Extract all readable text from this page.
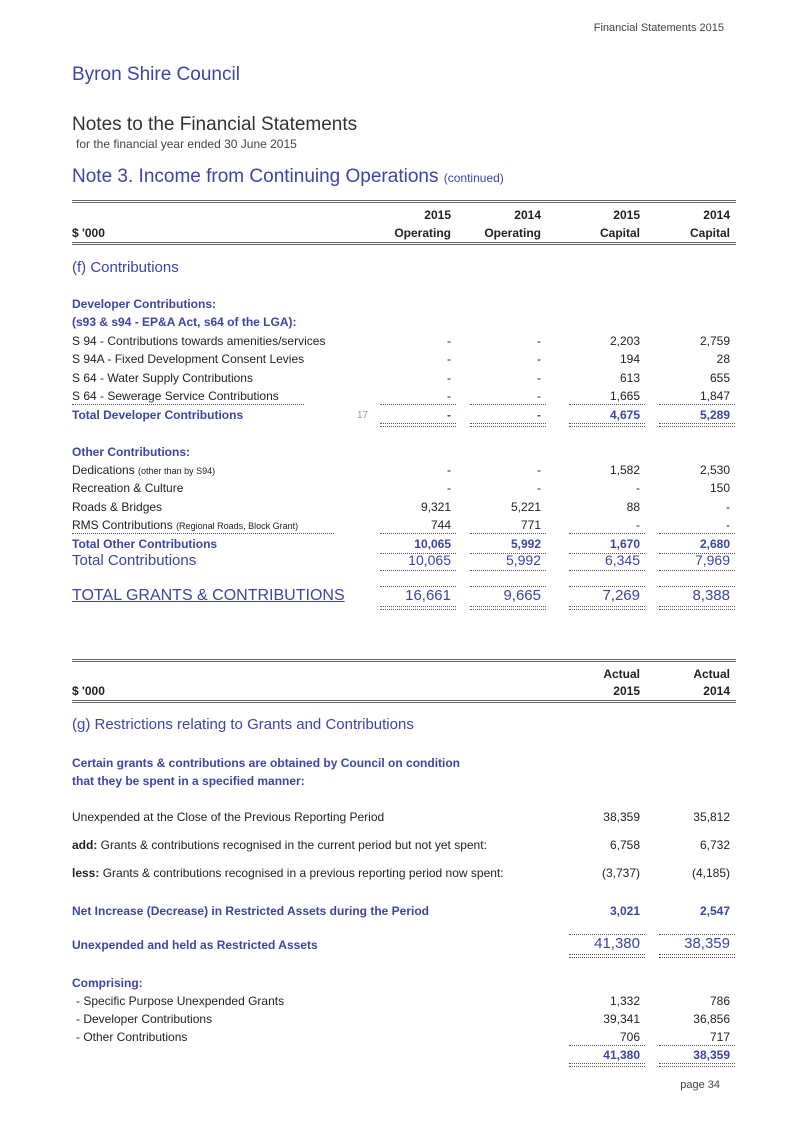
Financial Statements 2015
Byron Shire Council
Notes to the Financial Statements
for the financial year ended 30 June 2015
Note 3. Income from Continuing Operations (continued)
$ '000
2015	2014	2015	2014
Operating	Operating	Capital	Capital
(f) Contributions
Developer Contributions:
(s93 & s94 - EP&A Act, s64 of the LGA):
S 94 - Contributions towards amenities/services	-	-	2,203	2,759
S 94A - Fixed Development Consent Levies	-	-	194	28
S 64 - Water Supply Contributions	-	-	613	655
S 64 - Sewerage Service Contributions	-	-	1,665	1,847
Total Developer Contributions	17	-	-	4,675	5,289
Other Contributions:
Dedications (other than by S94)	-	-	1,582	2,530
Recreation & Culture	-	-	-	150
Roads & Bridges	9,321	5,221	88	-
RMS Contributions (Regional Roads, Block Grant)	744	771	-	-
Total Other Contributions	10,065	5,992	1,670	2,680
Total Contributions	10,065	5,992	6,345	7,969
TOTAL GRANTS & CONTRIBUTIONS	16,661	9,665	7,269	8,388
Actual	Actual
$ '000	2015	2014
(g) Restrictions relating to Grants and Contributions
Certain grants & contributions are obtained by Council on condition
that they be spent in a specified manner:
Unexpended at the Close of the Previous Reporting Period	38,359	35,812
add: Grants & contributions recognised in the current period but not yet spent:	6,758	6,732
less: Grants & contributions recognised in a previous reporting period now spent:	(3,737)	(4,185)
Net Increase (Decrease) in Restricted Assets during the Period	3,021	2,547
Unexpended and held as Restricted Assets	41,380	38,359
Comprising:
- Specific Purpose Unexpended Grants	1,332	786
- Developer Contributions	39,341	36,856
- Other Contributions	706	717
41,380	38,359
page 34
